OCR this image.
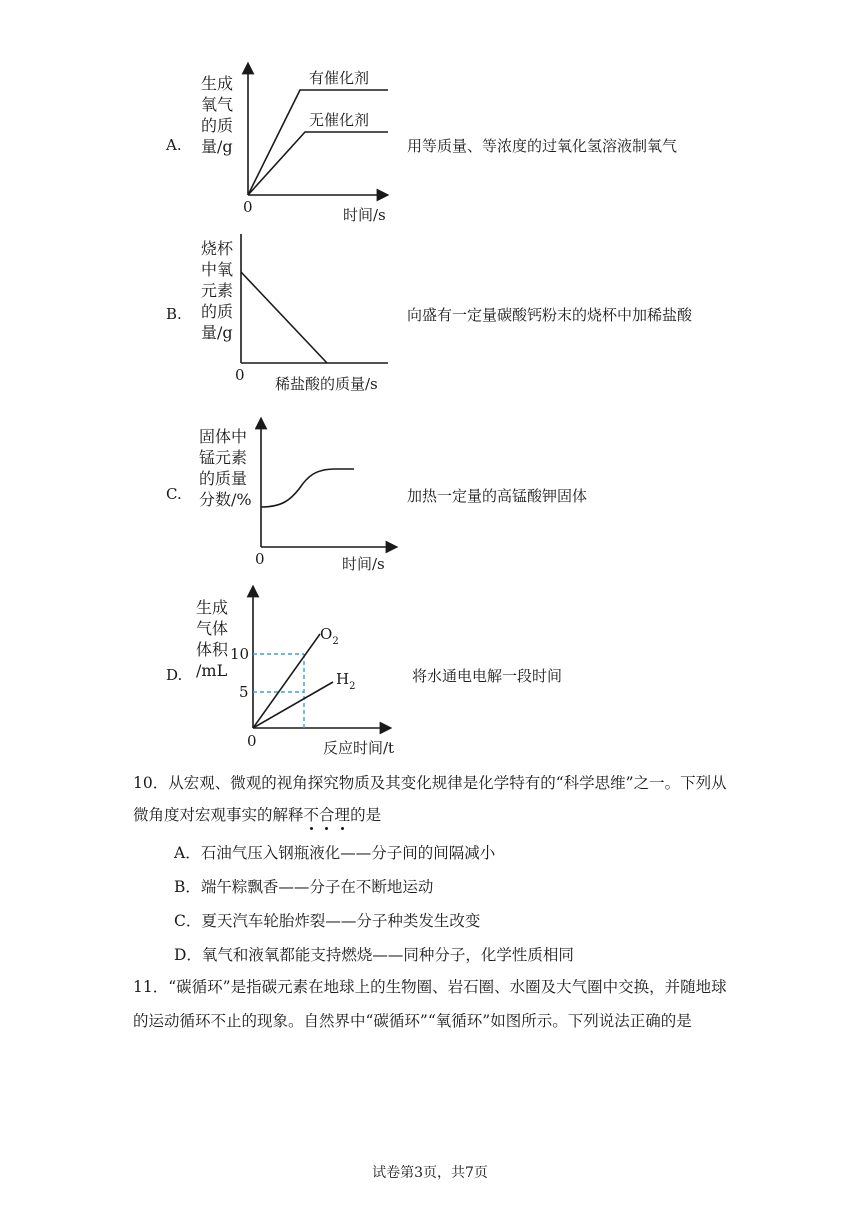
A.
生成
氧气
的质
量/g
有催化剂
无催化剂
0	时间/s
用等质量、等浓度的过氧化氢溶液制氧气
B.
烧杯
中氧
元素
的质
量/g
0 稀盐酸的质量/s
向盛有一定量碳酸钙粉末的烧杯中加稀盐酸
C.
固体中
锰元素
的质量
分数/%
0	时间/s
加热一定量的高锰酸钾固体
D.
生成
气体
体积
/mL
10
5
$O_2$
$H_2$
0	反应时间/t
将水通电电解一段时间
10．从宏观、微观的视角探究物质及其变化规律是化学特有的“科学思维”之一。下列从
微角度对宏观事实的解释不合理的是
A．石油气压入钢瓶液化——分子间的间隔减小
B．端午粽飘香——分子在不断地运动
C．夏天汽车轮胎炸裂——分子种类发生改变
D．氧气和液氧都能支持燃烧——同种分子，化学性质相同
11．“碳循环”是指碳元素在地球上的生物圈、岩石圈、水圈及大气圈中交换，并随地球
的运动循环不止的现象。自然界中“碳循环”“氧循环”如图所示。下列说法正确的是
试卷第3页，共7页
